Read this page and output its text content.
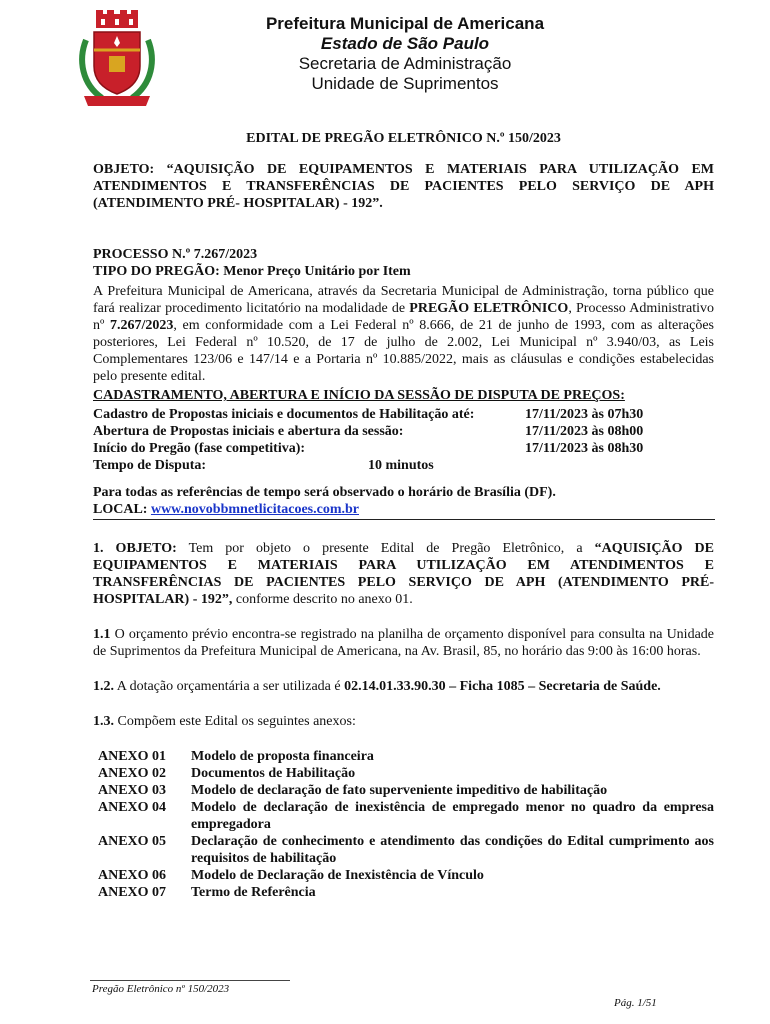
Prefeitura Municipal de Americana
Estado de São Paulo
Secretaria de Administração
Unidade de Suprimentos

EDITAL DE PREGÃO ELETRÔNICO N.º 150/2023

OBJETO: “AQUISIÇÃO DE EQUIPAMENTOS E MATERIAIS PARA UTILIZAÇÃO EM ATENDIMENTOS E TRANSFERÊNCIAS DE PACIENTES PELO SERVIÇO DE APH (ATENDIMENTO PRÉ- HOSPITALAR) - 192”.

PROCESSO N.º 7.267/2023
TIPO DO PREGÃO: Menor Preço Unitário por Item

A Prefeitura Municipal de Americana, através da Secretaria Municipal de Administração, torna público que fará realizar procedimento licitatório na modalidade de PREGÃO ELETRÔNICO, Processo Administrativo nº 7.267/2023, em conformidade com a Lei Federal nº 8.666, de 21 de junho de 1993, com as alterações posteriores, Lei Federal nº 10.520, de 17 de julho de 2.002, Lei Municipal nº 3.940/03, as Leis Complementares 123/06 e 147/14 e a Portaria nº 10.885/2022, mais as cláusulas e condições estabelecidas pelo presente edital.

CADASTRAMENTO, ABERTURA E INÍCIO DA SESSÃO DE DISPUTA DE PREÇOS:
Cadastro de Propostas iniciais e documentos de Habilitação até:	17/11/2023 às 07h30
Abertura de Propostas iniciais e abertura da sessão:	17/11/2023 às 08h00
Início do Pregão (fase competitiva):	17/11/2023 às 08h30
Tempo de Disputa:	10 minutos
Para todas as referências de tempo será observado o horário de Brasília (DF).
LOCAL: www.novobbmnetlicitacoes.com.br

1. OBJETO: Tem por objeto o presente Edital de Pregão Eletrônico, a “AQUISIÇÃO DE EQUIPAMENTOS E MATERIAIS PARA UTILIZAÇÃO EM ATENDIMENTOS E TRANSFERÊNCIAS DE PACIENTES PELO SERVIÇO DE APH (ATENDIMENTO PRÉ-HOSPITALAR) - 192”, conforme descrito no anexo 01.

1.1 O orçamento prévio encontra-se registrado na planilha de orçamento disponível para consulta na Unidade de Suprimentos da Prefeitura Municipal de Americana, na Av. Brasil, 85, no horário das 9:00 às 16:00 horas.

1.2. A dotação orçamentária a ser utilizada é 02.14.01.33.90.30 – Ficha 1085 – Secretaria de Saúde.

1.3. Compõem este Edital os seguintes anexos:

ANEXO 01	Modelo de proposta financeira
ANEXO 02	Documentos de Habilitação
ANEXO 03	Modelo de declaração de fato superveniente impeditivo de habilitação
ANEXO 04	Modelo de declaração de inexistência de empregado menor no quadro da empresa empregadora
ANEXO 05	Declaração de conhecimento e atendimento das condições do Edital cumprimento aos requisitos de habilitação
ANEXO 06	Modelo de Declaração de Inexistência de Vínculo
ANEXO 07	Termo de Referência
Pregão Eletrônico nº 150/2023
Pág. 1/51
